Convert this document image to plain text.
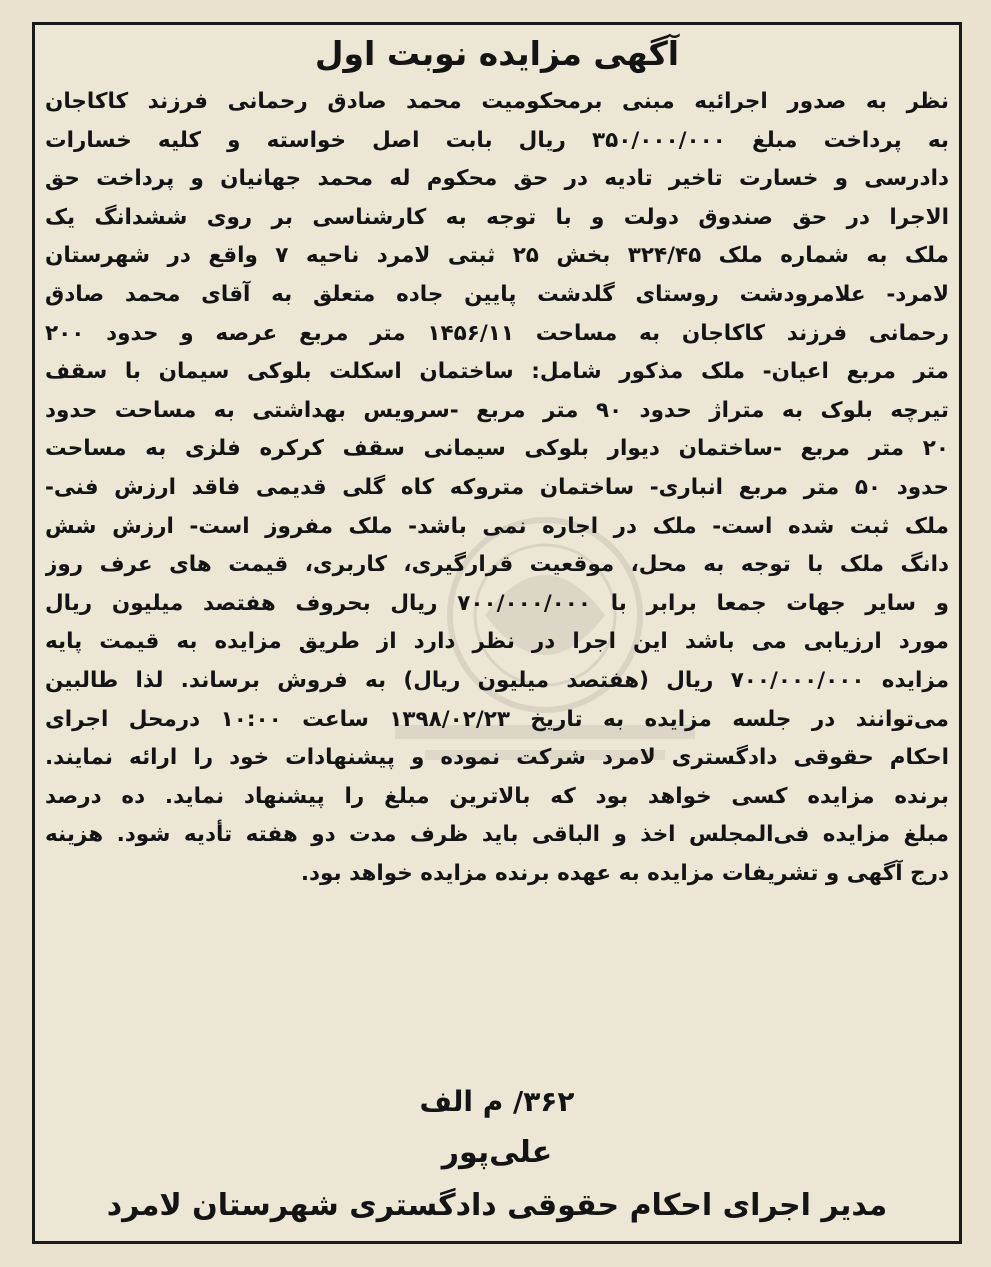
آگهی مزایده نوبت اول
نظر به صدور اجرائیه مبنی برمحکومیت محمد صادق رحمانی فرزند کاکاجان
به پرداخت مبلغ ۳۵۰/۰۰۰/۰۰۰ ریال بابت اصل خواسته و کلیه خسارات
دادرسی و خسارت تاخیر تادیه در حق محکوم له محمد جهانیان و پرداخت حق
الاجرا در حق صندوق دولت و با توجه به کارشناسی بر روی ششدانگ یک
ملک به شماره ملک ۳۲۴/۴۵ بخش ۲۵ ثبتی لامرد ناحیه ۷ واقع در شهرستان
لامرد- علامرودشت روستای گلدشت پایین جاده متعلق به آقای محمد صادق
رحمانی فرزند کاکاجان به مساحت ۱۴۵۶/۱۱ متر مربع عرصه و حدود ۲۰۰
متر مربع اعیان- ملک مذکور شامل: ساختمان اسکلت بلوکی سیمان با سقف
تیرچه بلوک به متراژ حدود ۹۰ متر مربع -سرویس بهداشتی به مساحت حدود
۲۰ متر مربع -ساختمان دیوار بلوکی سیمانی سقف کرکره فلزی به مساحت
حدود ۵۰ متر مربع انباری- ساختمان متروکه کاه گلی قدیمی فاقد ارزش فنی-
ملک ثبت شده است- ملک در اجاره نمی باشد- ملک مفروز است- ارزش شش
دانگ ملک با توجه به محل، موقعیت قرارگیری، کاربری، قیمت های عرف روز
و سایر جهات جمعا برابر با ۷۰۰/۰۰۰/۰۰۰ ریال بحروف هفتصد میلیون ریال
مورد ارزیابی می باشد این اجرا در نظر دارد از طریق مزایده به قیمت پایه
مزایده ۷۰۰/۰۰۰/۰۰۰ ریال (هفتصد میلیون ریال) به فروش برساند. لذا طالبین
می‌توانند در جلسه مزایده به تاریخ ۱۳۹۸/۰۲/۲۳ ساعت ۱۰:۰۰ درمحل اجرای
احکام حقوقی دادگستری لامرد شرکت نموده و پیشنهادات خود را ارائه نمایند.
برنده مزایده کسی خواهد بود که بالاترین مبلغ را پیشنهاد نماید. ده درصد
مبلغ مزایده فی‌المجلس اخذ و الباقی باید ظرف مدت دو هفته تأدیه شود. هزینه
درج آگهی و تشریفات مزایده به عهده برنده مزایده خواهد بود.
۳۶۲/ م الف
علی‌پور
مدیر اجرای احکام حقوقی دادگستری شهرستان لامرد
